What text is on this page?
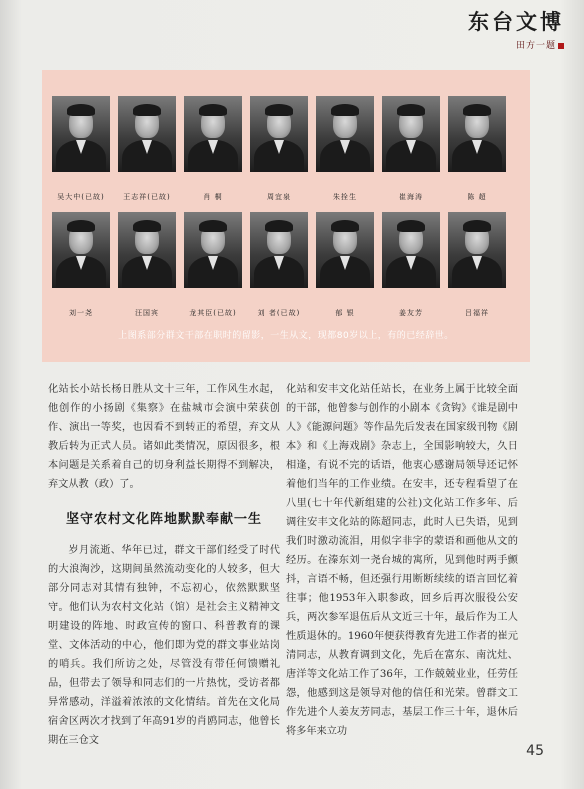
东台文博
田方一题
吴大中(已故)	王志祥(已故)	肖 桐	周宜泉	朱拴生	崔海涛	陈 超
刘一尧	汪国宾	龙其臣(已故)	刘 者(已故)	郁 银	姜友芳	吕福祥
上图系部分群文干部在职时的留影，一生从文，现都80岁以上，有的已经辞世。

化站长小站长杨日胜从文十三年，工作风生水起，他创作的小扬剧《集察》在盐城市会演中荣获创作、演出一等奖，也因看不到转正的希望，弃文从教后转为正式人员。诸如此类情况，原因很多，根本问题是关系着自己的切身利益长期得不到解决，弃文从教（政）了。

坚守农村文化阵地默默奉献一生

岁月流逝、华年已过，群文干部们经受了时代的大浪淘沙，这期间虽然流动变化的人较多，但大部分同志对其情有独钟，不忘初心，依然默默坚守。他们认为农村文化站（馆）是社会主义精神文明建设的阵地、时政宣传的窗口、科普教育的课堂、文体活动的中心，他们即为党的群文事业站岗的哨兵。我们所访之处，尽管没有带任何馈赠礼品，但带去了领导和同志们的一片热忱，受访者都异常感动，洋溢着浓浓的文化情结。首先在文化局宿舍区两次才找到了年高91岁的肖鸥同志，他曾长期在三仓文

化站和安丰文化站任站长，在业务上属于比较全面的干部，他曾参与创作的小剧本《贪钩》《谁是剧中人》《能源问题》等作品先后发表在国家级刊物《剧本》和《上海戏剧》杂志上，全国影响较大，久日相逢，有说不完的话语，他衷心感谢局领导还记怀着他们当年的工作业绩。在安丰，还专程看望了在八里(七十年代新组建的公社)文化站工作多年、后调往安丰文化站的陈超同志，此时人已失语，见到我们时激动流泪，用似字非字的蒙语和画他从文的经历。在溱东刘一尧台城的寓所，见到他时两手颤抖，言语不畅，但还强行用断断续续的语言回忆着往事；他1953年入职参政，回乡后再次服役公安兵，两次参军退伍后从文近三十年，最后作为工人性质退休的。1960年便获得教育先进工作者的崔元清同志，从教育调到文化，先后在富东、南沈灶、唐洋等文化站工作了36年，工作兢兢业业，任劳任怨，他感到这是领导对他的信任和光荣。曾群文工作先进个人姜友芳同志，基层工作三十年，退休后将多年来立功

45
